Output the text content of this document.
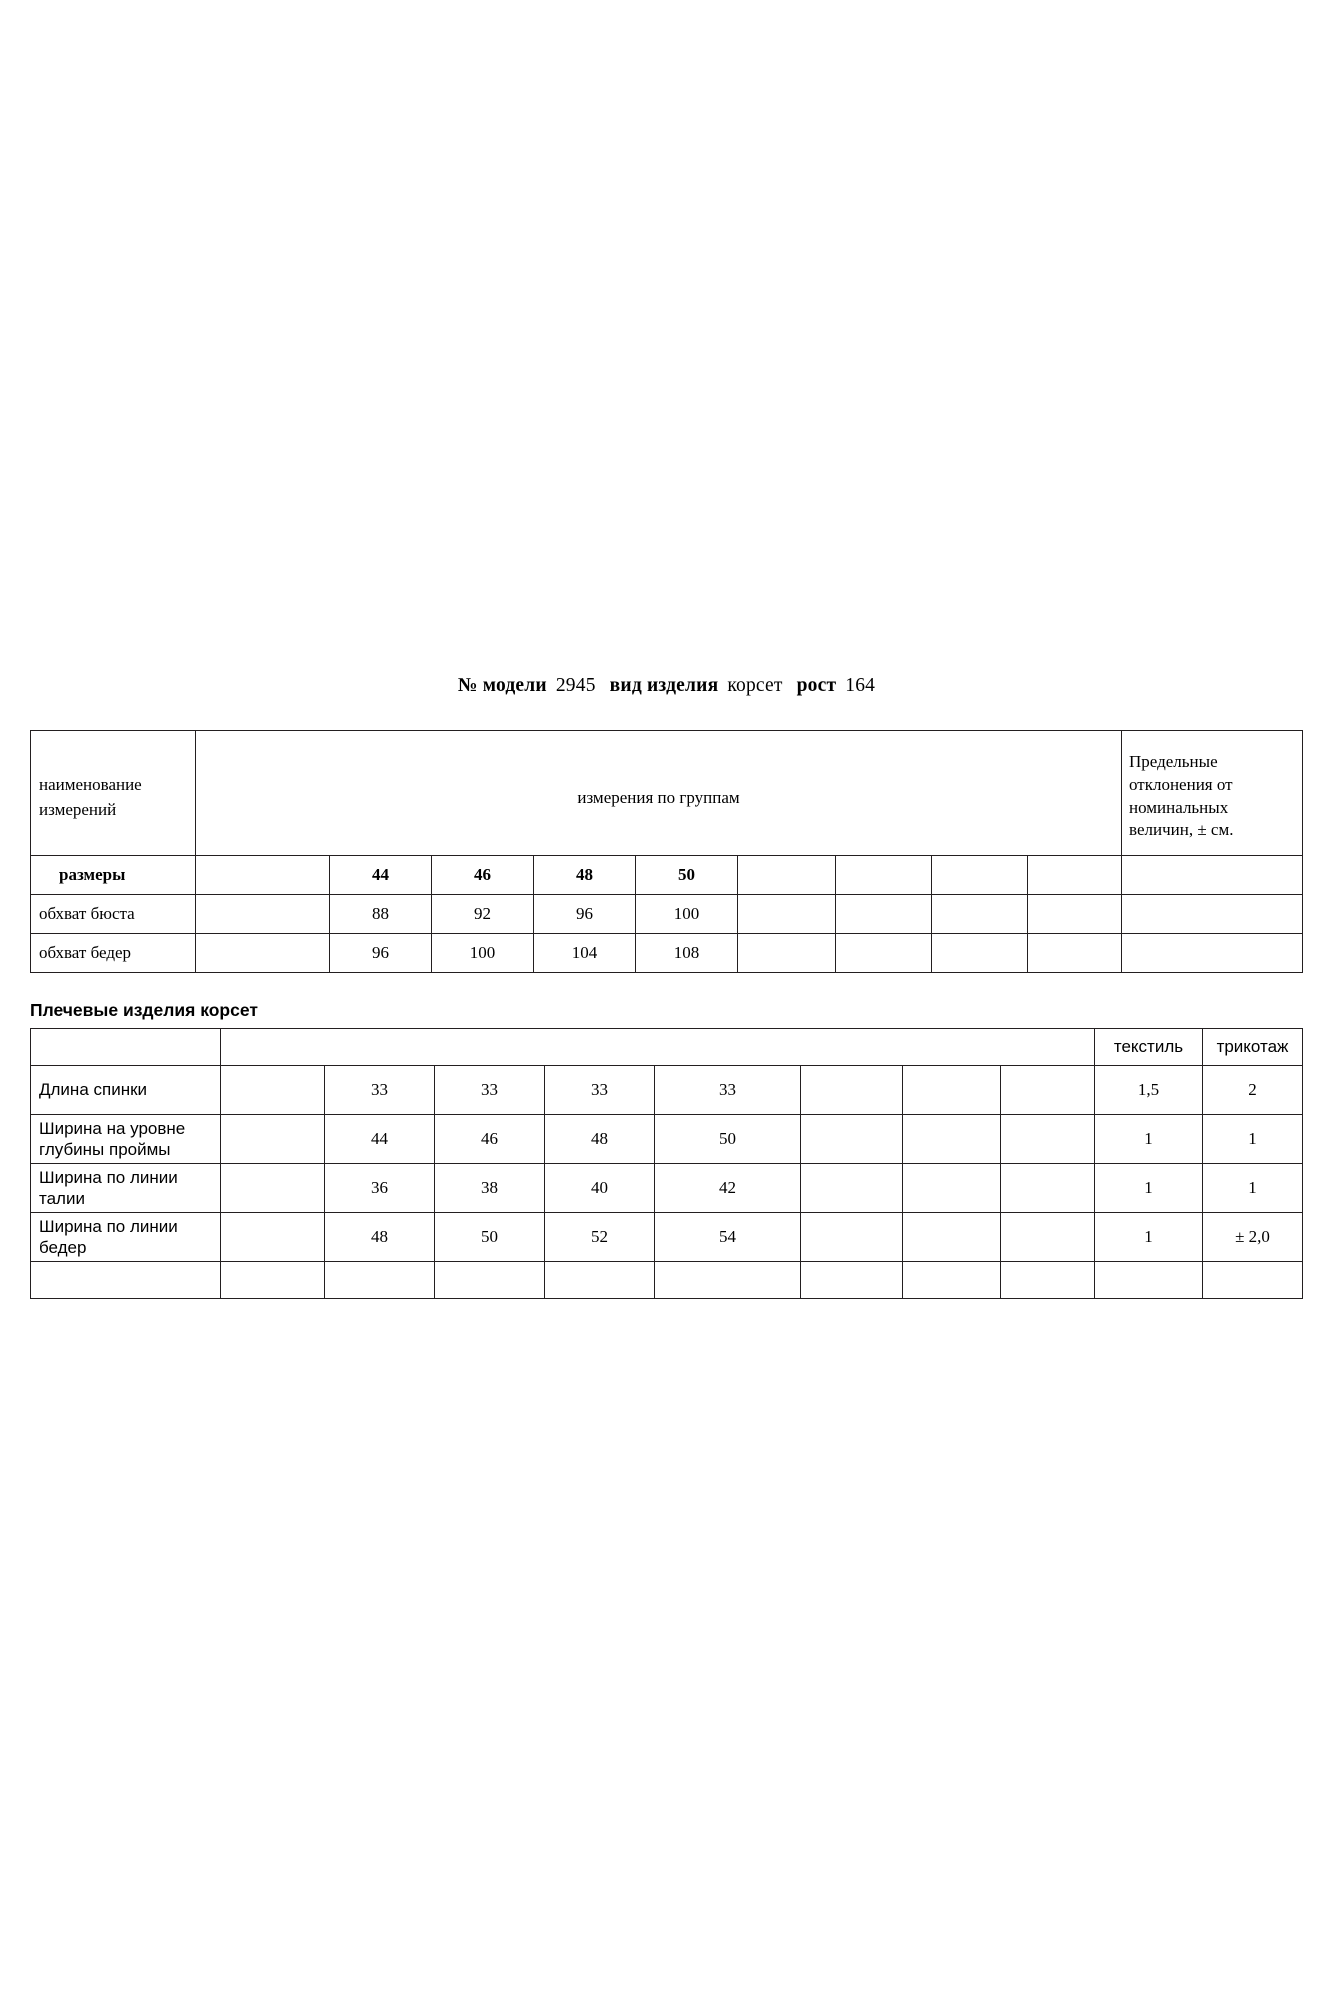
№ модели 2945 вид изделия корсет рост 164
наименование
измерений	измерения по группам									Предельные отклонения от номинальных величин, ± см.
размеры		44	46	48	50					
обхват бюста		88	92	96	100					
обхват бедер		96	100	104	108					
Плечевые изделия корсет
									текстиль	трикотаж
Длина спинки		33	33	33	33				1,5	2
Ширина на уровне глубины проймы		44	46	48	50				1	1
Ширина по линии талии		36	38	40	42				1	1
Ширина по линии бедер		48	50	52	54				1	± 2,0
